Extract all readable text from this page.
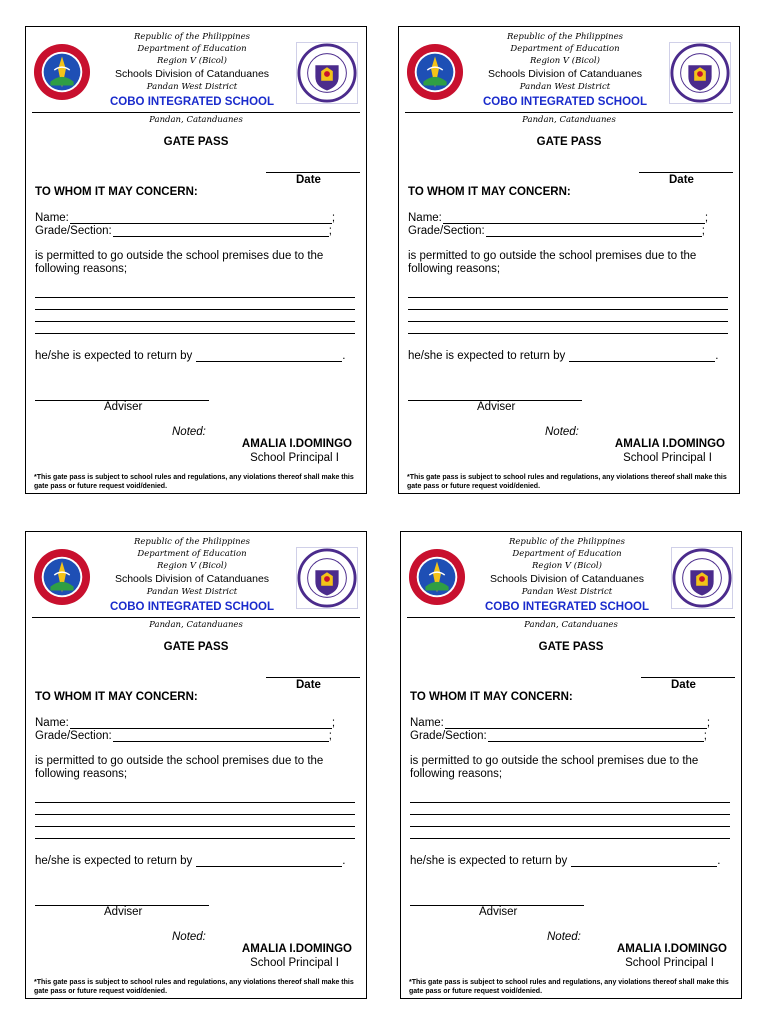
Republic of the Philippines
Department of Education
Region V (Bicol)
Schools Division of Catanduanes
Pandan West District
COBO INTEGRATED SCHOOL
Pandan, Catanduanes
GATE PASS
Date
TO WHOM IT MAY CONCERN:
Name:	;
Grade/Section:	;
is permitted to go outside the school premises due to the following reasons;
he/she is expected to return by	.
Adviser
Noted:
AMALIA I.DOMINGO
School Principal I
*This gate pass is subject to school rules and regulations, any violations thereof shall make this gate pass or future request void/denied.
Republic of the Philippines
Department of Education
Region V (Bicol)
Schools Division of Catanduanes
Pandan West District
COBO INTEGRATED SCHOOL
Pandan, Catanduanes
GATE PASS
Date
TO WHOM IT MAY CONCERN:
Name:	;
Grade/Section:	;
is permitted to go outside the school premises due to the following reasons;
he/she is expected to return by	.
Adviser
Noted:
AMALIA I.DOMINGO
School Principal I
*This gate pass is subject to school rules and regulations, any violations thereof shall make this gate pass or future request void/denied.
Republic of the Philippines
Department of Education
Region V (Bicol)
Schools Division of Catanduanes
Pandan West District
COBO INTEGRATED SCHOOL
Pandan, Catanduanes
GATE PASS
Date
TO WHOM IT MAY CONCERN:
Name:	;
Grade/Section:	;
is permitted to go outside the school premises due to the following reasons;
he/she is expected to return by	.
Adviser
Noted:
AMALIA I.DOMINGO
School Principal I
*This gate pass is subject to school rules and regulations, any violations thereof shall make this gate pass or future request void/denied.
Republic of the Philippines
Department of Education
Region V (Bicol)
Schools Division of Catanduanes
Pandan West District
COBO INTEGRATED SCHOOL
Pandan, Catanduanes
GATE PASS
Date
TO WHOM IT MAY CONCERN:
Name:	;
Grade/Section:	;
is permitted to go outside the school premises due to the following reasons;
he/she is expected to return by	.
Adviser
Noted:
AMALIA I.DOMINGO
School Principal I
*This gate pass is subject to school rules and regulations, any violations thereof shall make this gate pass or future request void/denied.
